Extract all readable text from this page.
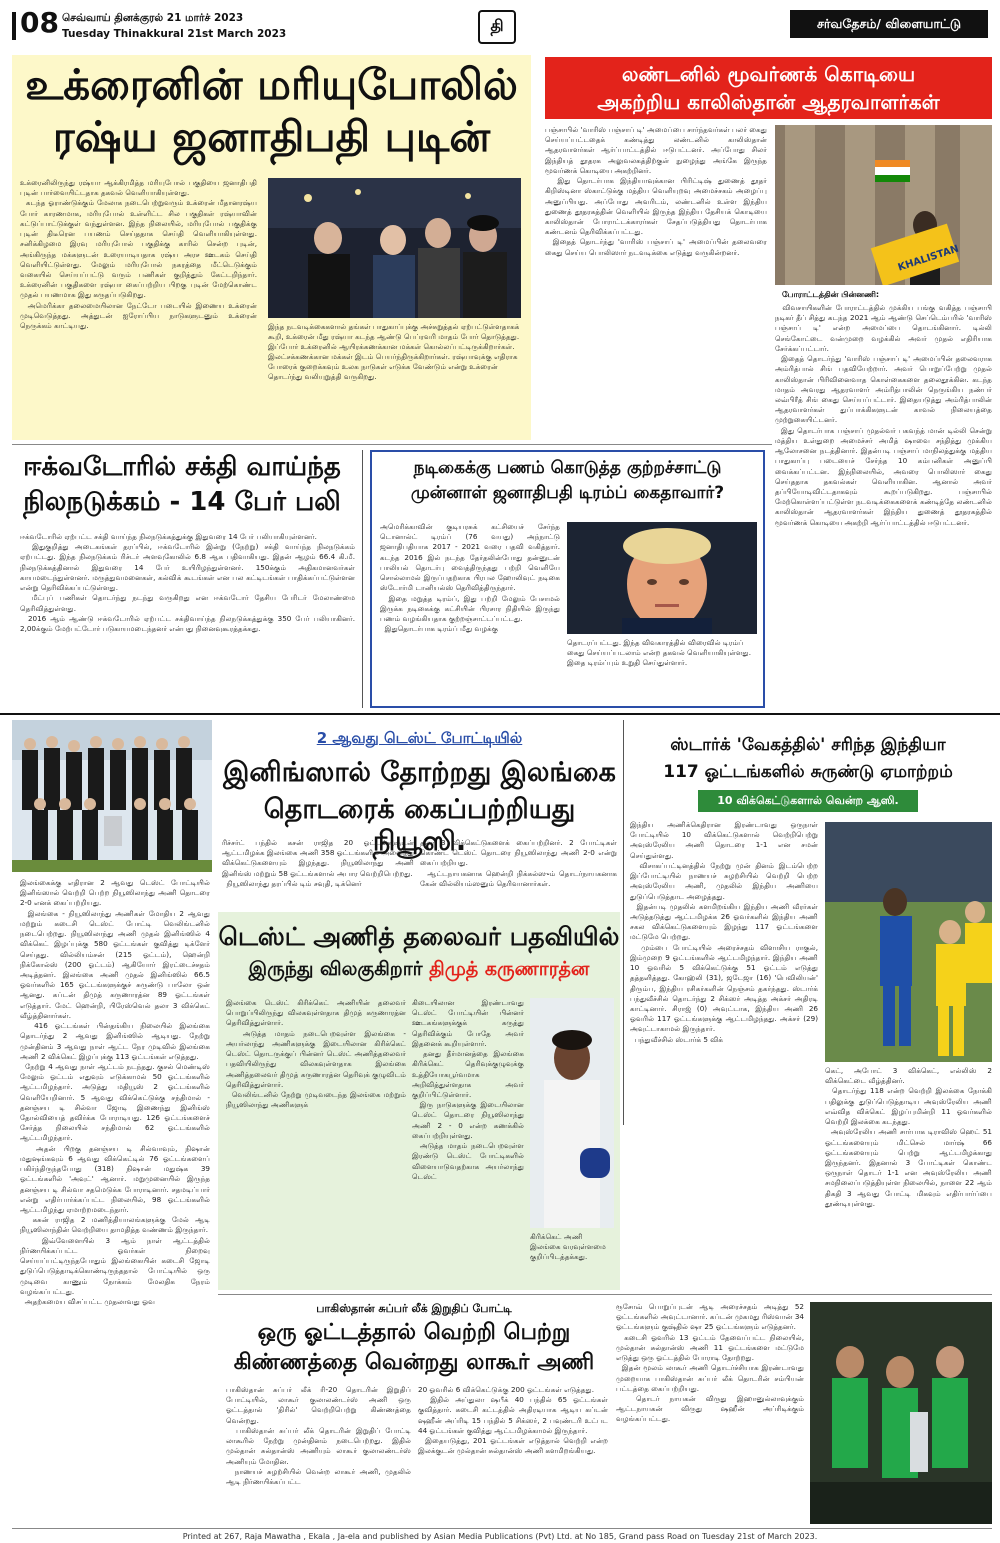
08 செவ்வாய் தினக்குரல் 21 மார்ச் 2023
Tuesday Thinakkural 21st March 2023	தி	சர்வதேசம்/ விளையாட்டு
உக்ரைனின் மரியுபோலில்
ரஷ்ய ஜனாதிபதி புடின்
உக்ரைனிலிருந்து ரஷ்யா ஆக்கிரமித்த மரியுபோல் பகுதியை ஜனாதிபதி புடின் பார்வையிட்டதாக தகவல் வெளியாகியுள்ளது.
கடந்த ஓராண்டுக்கும் மேலாக நடைபெற்றுவரும் உக்ரைன் மீதானரஷ்ய போர் காரணமாக, மரியுபோல் உள்ளிட்ட சில பகுதிகள் ரஷ்யாவின் கட்டுப்பாட்டுக்குள் வந்துள்ளன. இந்த நிலையில், மரியுபோல் பகுதிக்கு புடின் திடீரென பயணம் செய்ததாக செய்தி வெளியாகியுள்ளது. சனிக்கிழமை இரவு மரியுபோல் பகுதிக்கு காரில் சென்ற புடின், அங்கிருந்த மக்களுடன் உரையாடியதாக ரஷ்ய அரச ஊடகம் செய்தி வெளியிட்டுள்ளது. மேலும் மரியுபோல் நகரத்தை மீட்டெடுக்கும் வகையில் செய்யப்பட்டு வரும் பணிகள் குறித்தும் கேட்டறிந்தார். உக்ரைனின் பகுதிகளை ரஷ்யா கைப்பற்றிய பிறகு புடின் மேற்கொண்ட முதல் பயணமாக இது கருதப்படுகிறது.
அமெரிக்கா தலைமையிலான நேட்டோ படையில் இணைய உக்ரைன் முடிவெடுத்தது. அத்துடன் ஐரோப்பிய நாடுகளுடனும் உக்ரைன் நெருக்கம் காட்டியது.	இந்த நடவடிக்கைகளால் தங்கள் பாதுகாப்புக்கு அச்சுறுத்தல் ஏற்பட்டுள்ளதாகக் கூறி, உக்ரைன் மீது ரஷ்யா கடந்த ஆண்டு பெப்ரவரி மாதம் போர் தொடுத்தது. இப்போர் உக்ரைனில் ஆயிரக்கணக்கான மக்கள் கொல்லப்பட்டிருக்கிறார்கள். இலட்சக்கணக்கான மக்கள் இடம் பெயர்ந்திருக்கிறார்கள். ரஷ்யாவுக்கு எதிராக போரைக் குறைக்கவும் உலக நாடுகள் எடுக்க வேண்டும் என்று உக்ரைன் தொடர்ந்து வலியுறுத்தி வருகிறது.
லண்டனில் மூவர்ணக் கொடியை
அகற்றிய காலிஸ்தான் ஆதரவாளர்கள்
பஞ்சாபில் 'வாரிஸ் பஞ்சாப் டி' அமைப்பை சார்ந்தவர்கள் பலர் கைது செய்யப்பட்டதைக் கண்டித்து லண்டனில் காலிஸ்தான் ஆதரவாளர்கள் ஆர்ப்பாட்டத்தில் ஈடுபட்டனர். அப்போது சிலர் இந்தியத் தூதரக அலுவலகத்திற்குள் நுழைந்து அங்கே இருந்த மூவர்ணக் கொடியை அகற்றினர்.
இது தொடர்பாக இந்தியாவுக்கான பிரிட்டிஷ் துணைத் தூதர் கிறிஸ்டினா ஸ்காட்டுக்கு மத்திய வெளியுறவு அமைச்சகம் அழைப்பு அனுப்பியது. அப்போது அவரிடம், லண்டனில் உள்ள இந்திய துணைத் தூதரகத்தின் வெளியில் இருந்த இந்திய தேசியக் கொடியை காலிஸ்தான் போராட்டக்காரர்கள் சேதப்படுத்தியது தொடர்பாக கண்டனம் தெரிவிக்கப்பட்டது.
இதைத் தொடர்ந்து 'வாரிஸ் பஞ்சாப் டி' அமைப்பின் தலைவரை கைது செய்ய பொலிஸார் நடவடிக்கை எடுத்து வருகின்றனர்.	KHALISTAN
போராட்டத்தின் பின்னணி:
விவசாயிகளின் போராட்டத்தில் முக்கிய பங்கு வகித்த பஞ்சாபி நடிகர் தீப் சித்து கடந்த 2021 ஆம் ஆண்டு செப்டெம்பரில் 'வாரிஸ் பஞ்சாப் டி' என்ற அமைப்பை தொடங்கினார். டில்லி செங்கோட்டை வன்முறை வழக்கில் அவர் முதல் எதிரியாக சேர்க்கப்பட்டார்.
இதைத் தொடர்ந்து 'வாரிஸ் பஞ்சாப் டி' அமைப்பின் தலைவராக அம்ரித்பால் சிங் பதவியேற்றார். அவர் பொறுப்பேற்று முதல் காலிஸ்தான் பிரிவினைவாத கொள்கைகளை தலைதூக்கின. கடந்த மாதம் அவரது ஆதரவாளர் அம்ரித்பாலின் நெருங்கிய நண்பர் லவ்பிரீத் சிங் கைது செய்யப்பட்டார். இதையடுத்து அம்ரித்பாலின் ஆதரவாளர்கள் துப்பாக்கிகளுடன் காவல் நிலையத்தை முற்றுகையிட்டனர்.
இது தொடர்பாக பஞ்சாப் முதல்வர் பகவந்த் மான் டில்லி சென்று மத்திய உள்துறை அமைச்சர் அமித் ஷாவை சந்தித்து முக்கிய ஆலோசனை நடத்தினார். இதன்படி பஞ்சாப் மாநிலத்துக்கு மத்திய பாதுகாப்பு படையைச் சேர்ந்த 10 கம்பனிகள் அனுப்பி வைக்கப்பட்டன. இந்நிலையில், அவரை பொலிஸார் கைது செய்ததாக தகவல்கள் வெளியாகின. ஆனால் அவர் தப்பியோடிவிட்டதாகவும் கூறப்படுகிறது. பஞ்சாபில் மேற்கொள்ளப்பட்டுள்ள நடவடிக்கைகளைக் கண்டித்தே லண்டனில் காலிஸ்தான் ஆதரவாளர்கள் இந்திய துணைத் தூதரகத்தில் மூவர்ணக் கொடியை அகற்றி ஆர்ப்பாட்டத்தில் ஈடுபட்டனர்.
ஈக்வடோரில் சக்தி வாய்ந்த
நிலநடுக்கம் - 14 பேர் பலி
ஈக்வடோரில் ஏற்பட்ட சக்தி வாய்ந்த நிலநடுக்கத்துக்கு இதுவரை 14 பேர் பலியாகியுள்ளனர்.
இதுகுறித்து அடைகங்கள் தரப்பில், ஈக்வடோரில் இன்று (நேற்று) சக்தி வாய்ந்த நிலநடுக்கம் ஏற்பட்டது. இந்த நிலநடுக்கம் ரிச்டர் அளவுகோலில் 6.8 ஆக பதிவாகியது. இதன் ஆழம் 66.4 கி.மீ. நிலநடுக்கத்தினால் இதுவரை 14 பேர் உயிரிழந்துள்ளனர். 150க்கும் அதிகமானவர்கள் காயமடைந்துள்ளனர். மருத்துவமனைகள், கல்விக் கூடங்கள் என பல கட்டிடங்கள் பாதிக்கப்பட்டுள்ளன என்று தெரிவிக்கப்பட்டுள்ளது.
மீட்புப் பணிகள் தொடர்ந்து நடந்து வருகிறது என ஈக்வடோர் தேசிய பேரிடர் மேலாண்மை தெரிவித்துள்ளது.
2016 ஆம் ஆண்டு ஈக்வடோரில் ஏற்பட்ட சக்திவாய்ந்த நிலநடுக்கத்துக்கு 350 பேர் பலியாகினர். 2,00க்கும் மேற்பட்டோர் படுகாயமடைந்தனர் என்பது நினைவுகூரத்தக்கது.
நடிகைக்கு பணம் கொடுத்த குற்றச்சாட்டு
முன்னாள் ஜனாதிபதி டிரம்ப் கைதாவார்?
அமெரிக்காவின் குடியரசுக் கட்சியைச் சேர்ந்த டொனால்ட் டிரம்ப் (76 வயது) அந்நாட்டு ஜனாதிபதியாக 2017 - 2021 வரை பதவி வகித்தார். கடந்த 2016 இல் நடந்த தேர்தலின்போது தன்னுடன் பாலியல் தொடர்பு வைத்திருந்தது பற்றி வெளியே சொல்லாமல் இருப்பதற்காக பிரபல ஹோலிவுட் நடிகை ஸ்டோர்மி டானியல்ஸ் தெரிவித்திருந்தார்.
இதை மறுத்த டிரம்ப், இது பற்றி மேலும் பேசாமல் இருக்க நடிகைக்கு கட்சியின் பிரசார நிதியில் இருந்து பணம் வழங்கியதாக குற்றஞ்சாட்டப்பட்டது.
இதுதொடர்பாக டிரம்ப் மீது வழக்கு
தொடரப்பட்டது. இந்த விவகாரத்தில் விரைவில் டிரம்ப் கைது செய்யப்படலாம் என்ற தகவல் வெளியாகியுள்ளது. இதை டிரம்ப்பும் உறுதி செய்துள்ளார்.
2 ஆவது டெஸ்ட் போட்டியில்
இனிங்ஸால் தோற்றது இலங்கை
தொடரைக் கைப்பற்றியது நியூஸி.
ரிச்சர்ட் பந்தில் கசன் ராஜித 20 ஓட்டங்களுடன் ஆட்டமிழக்க இலங்கை அணி 358 ஓட்டங்களில் அனைத்து விக்கெட்டுகளையும் இழந்தது. நியூஸிலாந்து அணி இனிங்ஸ் மற்றும் 58 ஓட்டங்களால் அபார வெற்றிபெற்றது.
நியூஸிலாந்து தரப்பில் டிம் சவுதி, டிக்னெர்
தலா 3 விக்கெட்டுகளைக் கைப்பற்றினர். 2 போட்டிகள் கொண்ட டெஸ்ட் தொடரை நியூஸிலாந்து அணி 2-0 என்று கைப்பற்றியது.
ஆட்டநாயகனாக ஹென்றி நிக்கல்ஸும் தொடர்நாயகனாக கேன் வில்லியம்ஸனும் தெரிவானார்கள்.
இலங்கைக்கு எதிரான 2 ஆவது டெஸ்ட் போட்டியில் இனிங்ஸால் வெற்றி பெற்ற நியூஸிலாந்து அணி தொடரை 2-0 எனக் கைப்பற்றியது.
இலங்கை - நியூஸிலாந்து அணிகள் மோதிய 2 ஆவது மற்றும் கடைசி டெஸ்ட் போட்டி வெலிங்டனில் நடைபெற்றது. நியூஸிலாந்து அணி முதல் இனிங்ஸில் 4 விக்கெட் இழப்புக்கு 580 ஓட்டங்கள் குவித்து டிக்ளேர் செய்தது. வில்லியம்சன் (215 ஓட்டம்), ஹென்றி நிக்கோல்ஸ் (200 ஓட்டம்) ஆகியோர் இரட்டைச்சதம் அடித்தனர். இலங்கை அணி முதல் இனிங்ஸில் 66.5 ஓவர்களில் 165 ஓட்டங்களுக்குச் சுருண்டு பாலோ ஒன் ஆனது. கப்டன் திமுத் கருணாரத்ன 89 ஓட்டங்கள் எடுத்தார். மேட் ஹென்றி, பிரேஸ்வெல் தலா 3 விக்கெட் வீழ்த்தினார்கள்.
416 ஓட்டங்கள் பின்தங்கிய நிலையில் இலங்கை தொடர்ந்து 2 ஆவது இனிங்ஸில் ஆடியது. நேற்று முன்தினம் 3 ஆவது நாள் ஆட்ட நேர முடிவில் இலங்கை அணி 2 விக்கெட் இழப்புக்கு 113 ஓட்டங்கள் எடுத்தது.
நேற்று 4 ஆவது நாள் ஆட்டம் நடந்தது. குசல் மெண்டிஸ் மேலும் ஓட்டம் எதுவும் எடுக்காமல் 50 ஓட்டங்களில் ஆட்டமிழந்தார். அடுத்து மதியூஸ் 2 ஓட்டங்களில் வெளியேறினார். 5 ஆவது விக்கெட்டுக்கு சந்திமால் - தனஞ்சய டி சில்வா ஜோடி இணைந்து இனிங்ஸ் தோல்வியைத் தவிர்க்க போராடியது. 126 ஓட்டங்களைச் சேர்த்த நிலையில் சந்திமால் 62 ஓட்டங்களில் ஆட்டமிழந்தார்.
அதன் பிறகு தனஞ்சய டி சில்வாவும், நிஷான் மதுஷங்கவும் 6 ஆவது விக்கெட்டில் 76 ஓட்டங்களைப் பகிர்ந்திருந்தபோது (318) நிஷான் மதுஷ்க 39 ஓட்டங்களில் 'அவுட்' ஆனார். மறுமுனையில் இருந்த தனஞ்சய டி சில்வா சதமெடுக்க போராடினார். சதமடிப்பார் என்று எதிர்பார்க்கப்பட்ட நிலையில், 98 ஓட்டங்களில் ஆட்டமிழந்து ஏமாற்றமடைந்தார்.
கசுன் ராஜித 2 மணித்தியாலங்களுக்கு மேல் ஆடி நியூஸிலாந்தின் வெற்றியை தாமதித்த வண்ணம் இருந்தார்.
இவ்வேளையில் 3 ஆம் நாள் ஆட்டத்தில் நிர்ணயிக்கப்பட்ட ஓவர்கள் நிறைவு செய்யப்பட்டிருந்தபோதும் இலங்கையின் கடைசி ஜோடி துடுப்பெடுத்தாடிக்கொண்டிருந்ததால் போட்டியில் ஒரு முடிவை காணும் நோக்கம் மேலதிக நேரம் வழங்கப்பட்டது.
அதற்கமைய விசப்பட்ட முதலாவது ஓவ
ஸ்டார்க் 'வேகத்தில்' சரிந்த இந்தியா
117 ஓட்டங்களில் சுருண்டு ஏமாற்றம்
10 விக்கெட்டுகளால் வென்ற ஆஸி.
இந்திய அணிக்கெதிரான இரண்டாவது ஒருநாள் போட்டியில் 10 விக்கெட்டுகளால் வெற்றிபெற்று அவுஸ்ரேலிய அணி தொடரை 1-1 என சமன் செய்துள்ளது.
விசாகப்பட்டினத்தில் நேற்று முன் தினம் இடம்பெற்ற இப்போட்டியில் நாணயச் சுழற்சியில் வெற்றி பெற்ற அவுஸ்ரேலிய அணி, முதலில் இந்திய அணியை துடுப்பெடுத்தாட அழைத்தது.
இதன்படி முதலில் களமிறங்கிய இந்திய அணி வீரர்கள் அடுத்தடுத்து ஆட்டமிழக்க 26 ஓவர்களில் இந்திய அணி சகல விக்கெட்டுகளையும் இழந்து 117 ஓட்டங்களை மட்டுமே பெற்றது.
மும்பை போட்டியில் அரைச்சதம் விளாசிய ராகுல், இம்முறை 9 ஓட்டங்களில் ஆட்டமிழந்தார். இந்திய அணி 10 ஓவரில் 5 விக்கெட்டுக்கு 51 ஓட்டம் எடுத்து தத்தளித்தது. கோஹ்லி (31), ஜடேஜா (16) 'பெவிலியன்' திரும்ப, இந்திய ரசிகர்களின் நெஞ்சம் தகர்ந்தது. ஸ்டார்க் பந்துவீச்சில் தொடர்ந்து 2 சிக்ஸர் அடித்த அக்சர் அதிரடி காட்டினார். சிராஜ் (0) அவுட்டாக, இந்திய அணி 26 ஓவரில் 117 ஓட்டங்களுக்கு ஆட்டமிழந்தது. அக்சர் (29) அவுட்டாகாமல் இருந்தார்.
பந்துவீச்சில் ஸ்டார்க் 5 விக்
கெட், அபோட் 3 விக்கெட், எல்லிஸ் 2 விக்கெட்டை வீழ்த்தினர்.
தொடர்ந்து 118 என்ற வெற்றி இலக்கை நோக்கி பதிலுக்கு துடுப்பெடுத்தாடிய அவுஸ்ரேலிய அணி எவ்வித விக்கெட் இழப்புமின்றி 11 ஓவர்களில் வெற்றி இலக்கை கடந்தது.
அவுஸ்ரேலிய அணி சார்பாக டிராவிஸ் ஹெட் 51 ஓட்டங்களையும் மிட்செல் மார்ஷ் 66 ஓட்டங்களையும் பெற்று ஆட்டமிழக்காது இருந்தனர். இதனால் 3 போட்டிகள் கொண்ட ஒருநாள் தொடர் 1-1 என அவுஸ்ரேலிய அணி சமநிலைப்படுத்தியுள்ள நிலையில், நாளை 22 ஆம் திகதி 3 ஆவது போட்டி மிகவும் எதிர்பார்ப்பை தூண்டியுள்ளது.
டெஸ்ட் அணித் தலைவர் பதவியில்
இருந்து விலகுகிறார் திமுத் கருணாரத்ன
இலங்கை டெஸ்ட் கிரிக்கெட் அணியின் தலைவர் பொறுப்பிலிருந்து விலகவுள்ளதாக திமுத் கருணாரத்ன தெரிவித்துள்ளார்.
அடுத்த மாதம் நடைபெறவுள்ள இலங்கை - அயர்லாந்து அணிகளுக்கு இடையிலான கிரிக்கெட் டெஸ்ட் தொடருக்குப் பின்னர் டெஸ்ட் அணித்தலைவர் பதவியிலிருந்து விலகவுள்ளதாக இலங்கை அணித்தலைவர் திமுத் கருணாரத்ன தெரிவுக் குழுவிடம் தெரிவித்துள்ளார்.
வெலிங்டனில் நேற்று முடிவடைந்த இலங்கை மற்றும் நியூஸிலாந்து அணிகளுக்
கிடையிலான இரண்டாவது டெஸ்ட் போட்டியின் பின்னர் ஊடகங்களுக்குக் கருத்து தெரிவிக்கும் போதே அவர் இதனைக் கூறியுள்ளார்.
தனது தீர்மானத்தை இலங்கை கிரிக்கெட் தெரிவுக்குழுவுக்கு உத்தியோகபூர்வமாக அறிவித்துள்ளதாக அவர் குறிப்பிட்டுள்ளார்.
இரு நாடுகளுக்கு இடையிலான டெஸ்ட் தொடரை நியூஸிலாந்து அணி 2 - 0 என்ற கணக்கில் கைப்பற்றியுள்ளது.
அடுத்த மாதம் நடைபெறவுள்ள இரண்டு டெஸ்ட் போட்டிகளில் விளையாடுவதற்காக அயர்லாந்து டெஸ்ட்
கிரிக்கெட் அணி இலங்கை வரவுள்ளமை குறிப்பிடத்தக்கது.
பாகிஸ்தான் சுப்பர் லீக் இறுதிப் போட்டி
ஒரு ஓட்டத்தால் வெற்றி பெற்று
கிண்ணத்தை வென்றது லாகூர் அணி
பாகிஸ்தான் சுப்பர் லீக் ரி-20 தொடரின் இறுதிப் போட்டியில், லாகூர் குலாலண்டர்ஸ் அணி ஒரு ஓட்டத்தால் 'திரில்' வெற்றிபெற்று கிண்ணத்தை வென்றது.
பாகிஸ்தான் சுப்பர் லீக் தொடரின் இறுதிப் போட்டி லாகூரில் நேற்று முன்தினம் நடைபெற்றது. இதில் முல்தான் சுல்தான்ஸ் அணியும் லாகூர் குலாலண்டர்ஸ் அணியும் மோதின.
நாணயச் சுழற்சியில் வென்ற லாகூர் அணி, முதலில் ஆடி நிர்ணயிக்கப்பட்ட
20 ஓவரில் 6 விக்கெட்டுக்கு 200 ஓட்டங்கள் எடுத்தது.
இதில் அப்துலா ஷபீக் 40 பந்தில் 65 ஓட்டங்கள் குவித்தார். கடைசி கட்டத்தில் அதிரடியாக ஆடிய கப்டன் ஷஹீன் அப்ரிடி 15 பந்தில் 5 சிக்ஸர், 2 பவுண்டரி உட்பட 44 ஓட்டங்கள் குவித்து ஆட்டமிழக்காமல் இருந்தார்.
இதையடுத்து, 201 ஓட்டங்கள் எடுத்தால் வெற்றி என்ற இலக்குடன் முல்தான் சுல்தான்ஸ் அணி களமிறங்கியது.
ரூசோவ் பொறுப்புடன் ஆடி அரைச்சதம் அடித்து 52 ஓட்டங்களில் அவுட்டானார். கப்டன் முகமது ரிஸ்வான் 34 ஓட்டங்களும் குஷ்தில் ஷா 25 ஓட்டங்களும் எடுத்தனர்.
கடைசி ஓவரில் 13 ஓட்டம் தேவைப்பட்ட நிலையில், முல்தான் சுல்தான்ஸ் அணி 11 ஓட்டங்களை மட்டுமே எடுத்து ஒரு ஓட்டத்தில் போராடி தோற்றது.
இதன் மூலம் லாகூர் அணி தொடர்ச்சியாக இரண்டாவது முறையாக பாகிஸ்தான் சுப்பர் லீக் தொடரின் சம்பியன் பட்டத்தை கைப்பற்றியது.
தொடர் நாயகன் விருது இஹானுல்லாவுக்கும் ஆட்டநாயகன் விருது ஷஹீன் அப்ரிடிக்கும் வழங்கப்பட்டது.
Printed at 267, Raja Mawatha , Ekala , Ja-ela and published by Asian Media Publications (Pvt) Ltd. at No 185, Grand pass Road on Tuesday 21st of March 2023.
